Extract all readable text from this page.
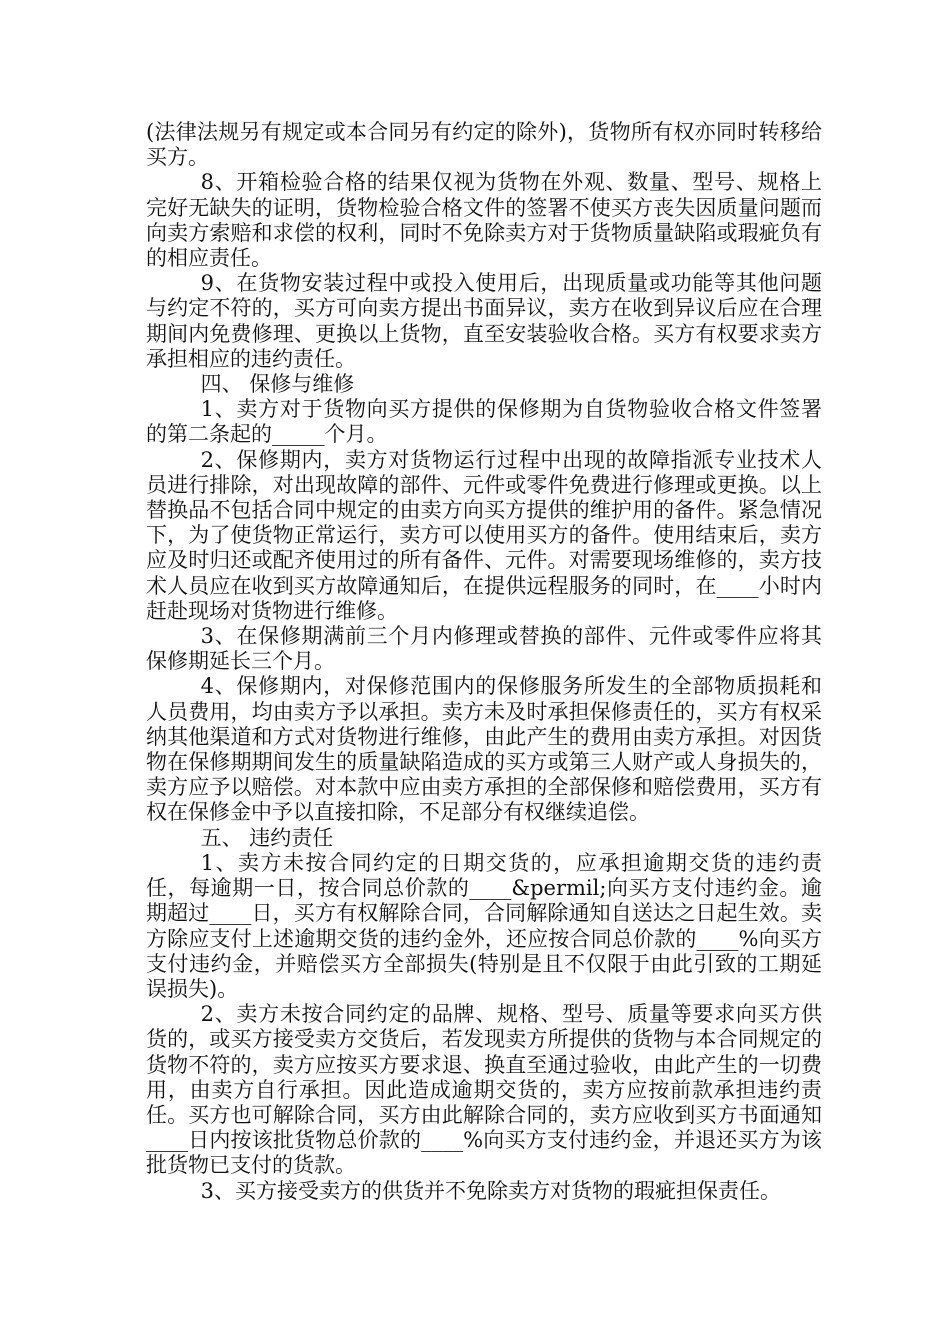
(法律法规另有规定或本合同另有约定的除外)，货物所有权亦同时转移给买方。

8、开箱检验合格的结果仅视为货物在外观、数量、型号、规格上完好无缺失的证明，货物检验合格文件的签署不使买方丧失因质量问题而向卖方索赔和求偿的权利，同时不免除卖方对于货物质量缺陷或瑕疵负有的相应责任。

9、在货物安装过程中或投入使用后，出现质量或功能等其他问题与约定不符的，买方可向卖方提出书面异议，卖方在收到异议后应在合理期间内免费修理、更换以上货物，直至安装验收合格。买方有权要求卖方承担相应的违约责任。

四、 保修与维修

1、卖方对于货物向买方提供的保修期为自货物验收合格文件签署的第二条起的_____个月。

2、保修期内，卖方对货物运行过程中出现的故障指派专业技术人员进行排除，对出现故障的部件、元件或零件免费进行修理或更换。以上替换品不包括合同中规定的由卖方向买方提供的维护用的备件。紧急情况下，为了使货物正常运行，卖方可以使用买方的备件。使用结束后，卖方应及时归还或配齐使用过的所有备件、元件。对需要现场维修的，卖方技术人员应在收到买方故障通知后，在提供远程服务的同时，在____小时内赶赴现场对货物进行维修。

3、在保修期满前三个月内修理或替换的部件、元件或零件应将其保修期延长三个月。

4、保修期内，对保修范围内的保修服务所发生的全部物质损耗和人员费用，均由卖方予以承担。卖方未及时承担保修责任的，买方有权采纳其他渠道和方式对货物进行维修，由此产生的费用由卖方承担。对因货物在保修期期间发生的质量缺陷造成的买方或第三人财产或人身损失的，卖方应予以赔偿。对本款中应由卖方承担的全部保修和赔偿费用，买方有权在保修金中予以直接扣除，不足部分有权继续追偿。

五、 违约责任

1、卖方未按合同约定的日期交货的，应承担逾期交货的违约责任，每逾期一日，按合同总价款的____&permil;向买方支付违约金。逾期超过____日，买方有权解除合同，合同解除通知自送达之日起生效。卖方除应支付上述逾期交货的违约金外，还应按合同总价款的____%向买方支付违约金，并赔偿买方全部损失(特别是且不仅限于由此引致的工期延误损失)。

2、卖方未按合同约定的品牌、规格、型号、质量等要求向买方供货的，或买方接受卖方交货后，若发现卖方所提供的货物与本合同规定的货物不符的，卖方应按买方要求退、换直至通过验收，由此产生的一切费用，由卖方自行承担。因此造成逾期交货的，卖方应按前款承担违约责任。买方也可解除合同，买方由此解除合同的，卖方应收到买方书面通知____日内按该批货物总价款的____%向买方支付违约金，并退还买方为该批货物已支付的货款。

3、买方接受卖方的供货并不免除卖方对货物的瑕疵担保责任。
